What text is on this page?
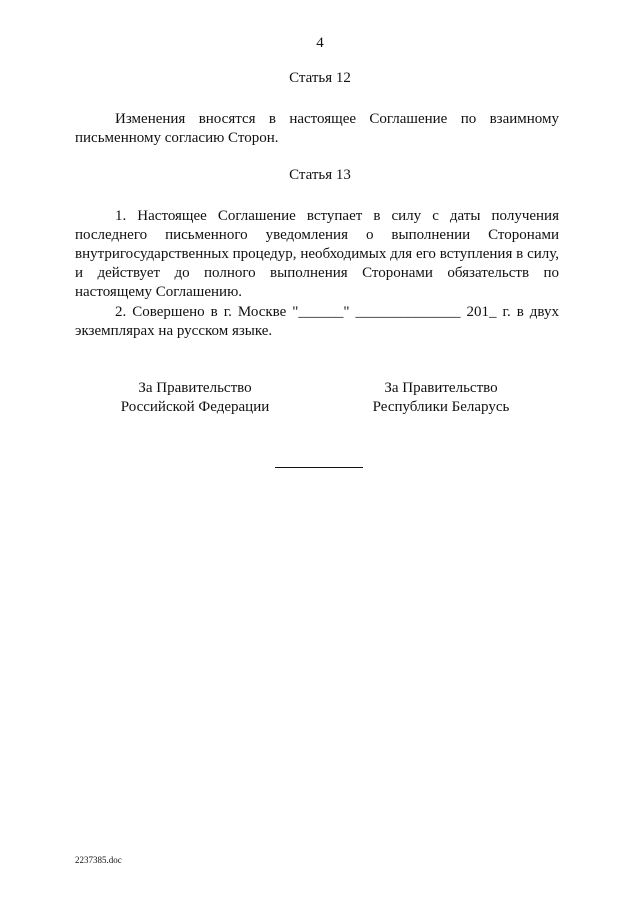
4
Статья 12
Изменения вносятся в настоящее Соглашение по взаимному письменному согласию Сторон.
Статья 13
1. Настоящее Соглашение вступает в силу с даты получения последнего письменного уведомления о выполнении Сторонами внутригосударственных процедур, необходимых для его вступления в силу, и действует до полного выполнения Сторонами обязательств по настоящему Соглашению.
2. Совершено в г. Москве "______" ______________ 201_ г. в двух экземплярах на русском языке.
За Правительство
Российской Федерации
За Правительство
Республики Беларусь
2237385.doc
